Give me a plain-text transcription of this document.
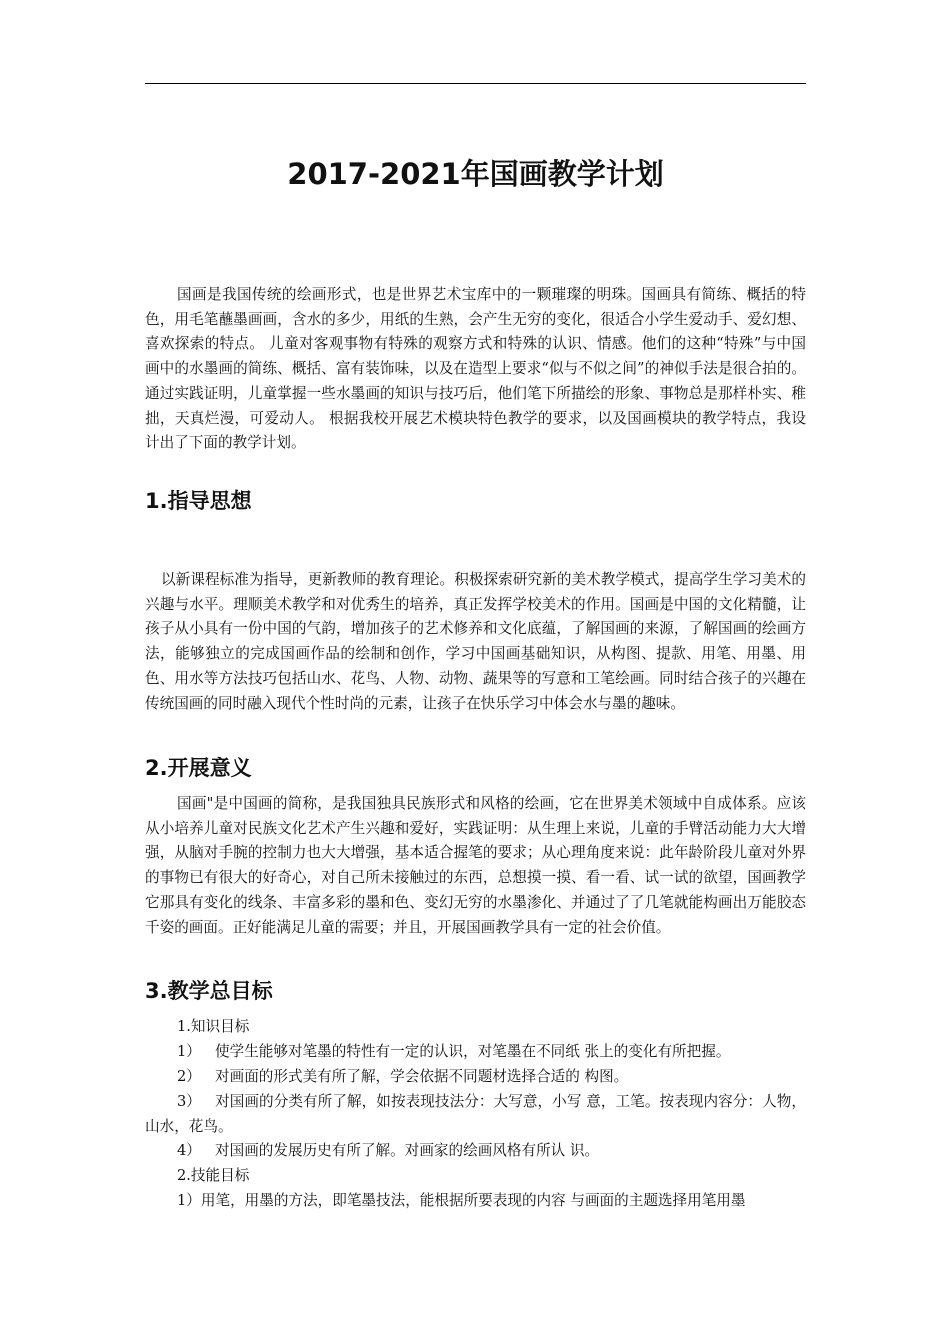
2017-2021年国画教学计划

国画是我国传统的绘画形式，也是世界艺术宝库中的一颗璀璨的明珠。国画具有简练、概括的特色，用毛笔蘸墨画画，含水的多少，用纸的生熟，会产生无穷的变化，很适合小学生爱动手、爱幻想、喜欢探索的特点。 儿童对客观事物有特殊的观察方式和特殊的认识、情感。他们的这种“特殊”与中国画中的水墨画的简练、概括、富有装饰味，以及在造型上要求“似与不似之间”的神似手法是很合拍的。通过实践证明，儿童掌握一些水墨画的知识与技巧后，他们笔下所描绘的形象、事物总是那样朴实、稚拙，天真烂漫，可爱动人。 根据我校开展艺术模块特色教学的要求，以及国画模块的教学特点，我设计出了下面的教学计划。

1.指导思想

以新课程标准为指导，更新教师的教育理论。积极探索研究新的美术教学模式，提高学生学习美术的兴趣与水平。理顺美术教学和对优秀生的培养，真正发挥学校美术的作用。国画是中国的文化精髓，让孩子从小具有一份中国的气韵，增加孩子的艺术修养和文化底蕴，了解国画的来源，了解国画的绘画方法，能够独立的完成国画作品的绘制和创作，学习中国画基础知识，从构图、提款、用笔、用墨、用色、用水等方法技巧包括山水、花鸟、人物、动物、蔬果等的写意和工笔绘画。同时结合孩子的兴趣在传统国画的同时融入现代个性时尚的元素，让孩子在快乐学习中体会水与墨的趣味。

2.开展意义

国画"是中国画的简称，是我国独具民族形式和风格的绘画，它在世界美术领域中自成体系。应该从小培养儿童对民族文化艺术产生兴趣和爱好，实践证明：从生理上来说，儿童的手臂活动能力大大增强，从脑对手腕的控制力也大大增强，基本适合握笔的要求；从心理角度来说：此年龄阶段儿童对外界的事物已有很大的好奇心，对自己所未接触过的东西，总想摸一摸、看一看、试一试的欲望，国画教学它那具有变化的线条、丰富多彩的墨和色、变幻无穷的水墨渗化、并通过了了几笔就能构画出万能胶态千姿的画面。正好能满足儿童的需要；并且，开展国画教学具有一定的社会价值。

3.教学总目标

1.知识目标

1） 使学生能够对笔墨的特性有一定的认识，对笔墨在不同纸 张上的变化有所把握。

2） 对画面的形式美有所了解，学会依据不同题材选择合适的 构图。

3） 对国画的分类有所了解，如按表现技法分：大写意，小写 意，工笔。按表现内容分：人物，山水，花鸟。

4） 对国画的发展历史有所了解。对画家的绘画风格有所认 识。

2.技能目标

1）用笔，用墨的方法，即笔墨技法，能根据所要表现的内容 与画面的主题选择用笔用墨
